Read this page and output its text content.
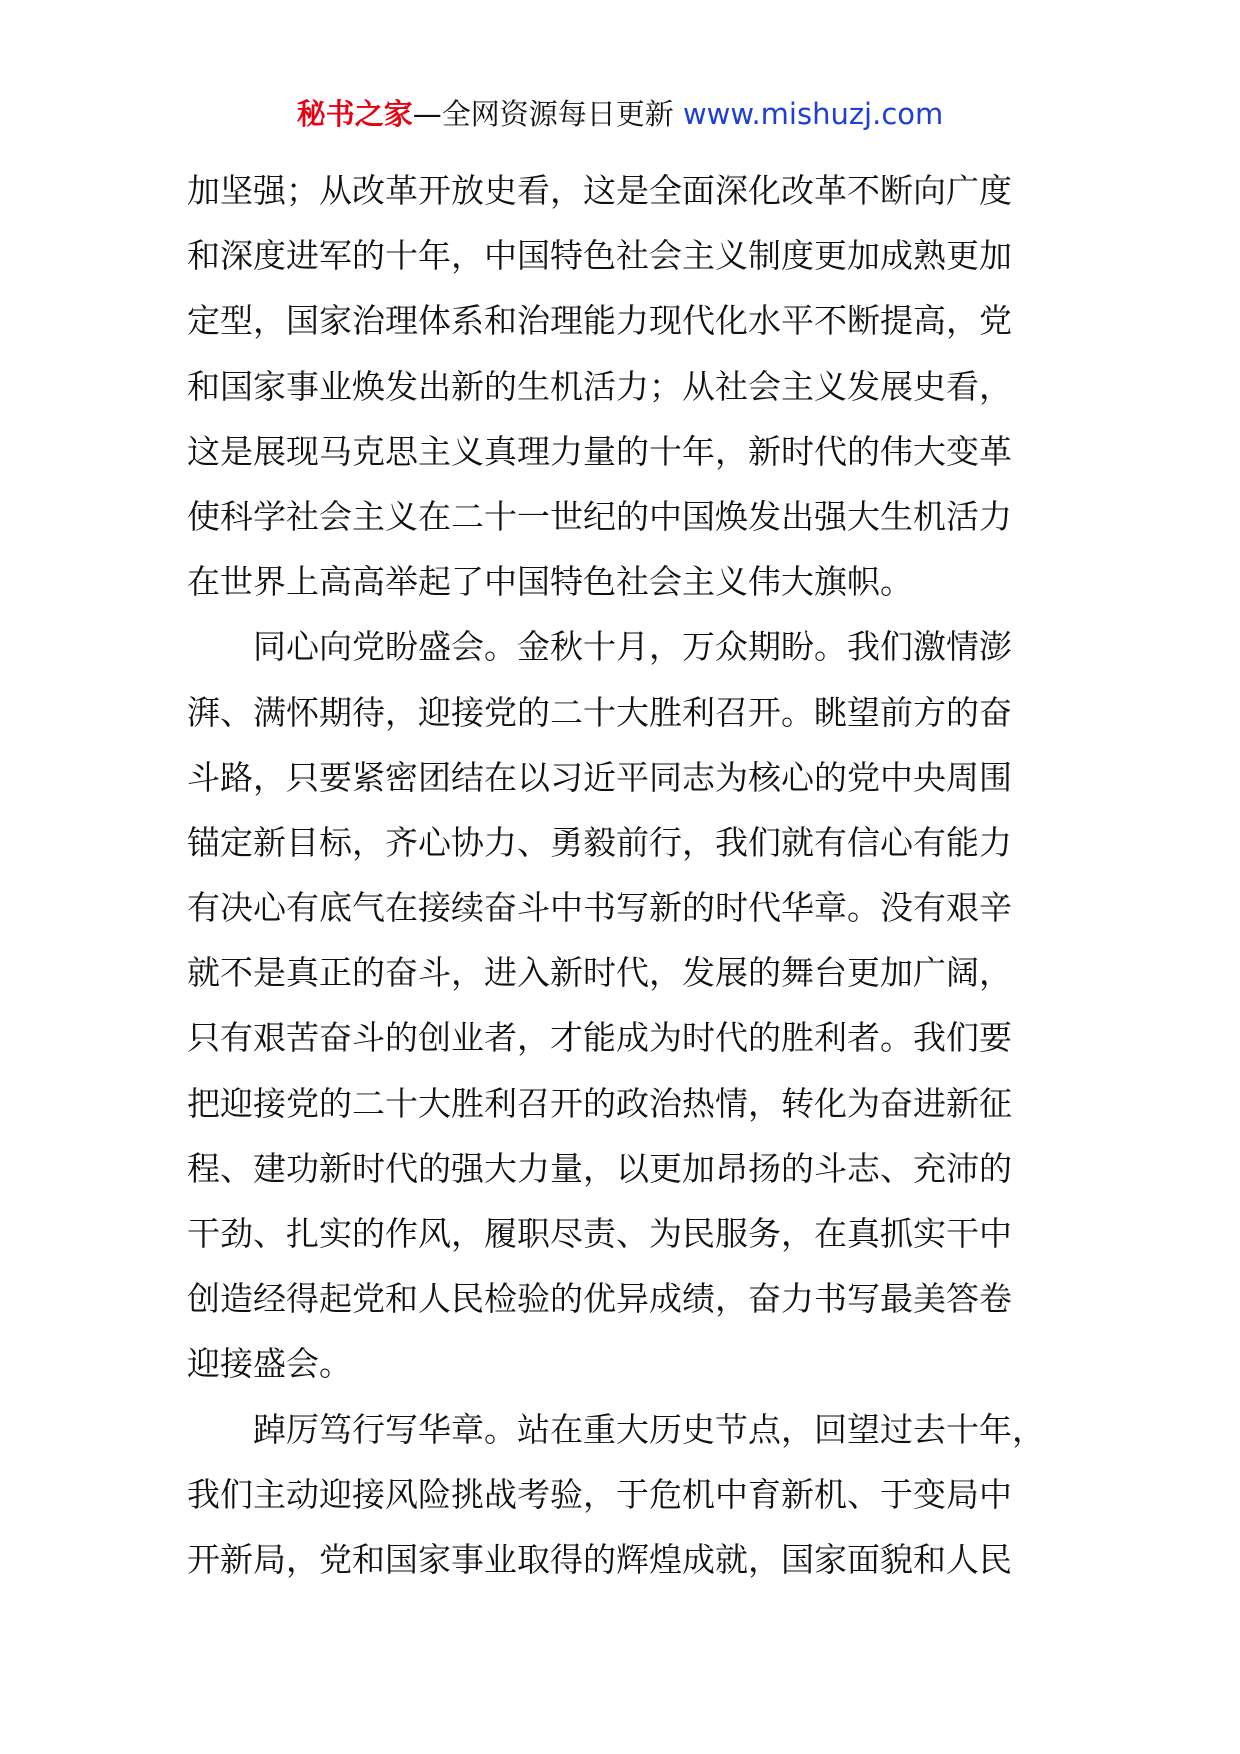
秘书之家—全网资源每日更新 www.mishuzj.com
加坚强；从改革开放史看，这是全面深化改革不断向广度
和深度进军的十年，中国特色社会主义制度更加成熟更加
定型，国家治理体系和治理能力现代化水平不断提高，党
和国家事业焕发出新的生机活力；从社会主义发展史看，
这是展现马克思主义真理力量的十年，新时代的伟大变革
使科学社会主义在二十一世纪的中国焕发出强大生机活力
在世界上高高举起了中国特色社会主义伟大旗帜。
同心向党盼盛会。金秋十月，万众期盼。我们激情澎
湃、满怀期待，迎接党的二十大胜利召开。眺望前方的奋
斗路，只要紧密团结在以习近平同志为核心的党中央周围
锚定新目标，齐心协力、勇毅前行，我们就有信心有能力
有决心有底气在接续奋斗中书写新的时代华章。没有艰辛
就不是真正的奋斗，进入新时代，发展的舞台更加广阔，
只有艰苦奋斗的创业者，才能成为时代的胜利者。我们要
把迎接党的二十大胜利召开的政治热情，转化为奋进新征
程、建功新时代的强大力量，以更加昂扬的斗志、充沛的
干劲、扎实的作风，履职尽责、为民服务，在真抓实干中
创造经得起党和人民检验的优异成绩，奋力书写最美答卷
迎接盛会。
踔厉笃行写华章。站在重大历史节点，回望过去十年，
我们主动迎接风险挑战考验，于危机中育新机、于变局中
开新局，党和国家事业取得的辉煌成就，国家面貌和人民
